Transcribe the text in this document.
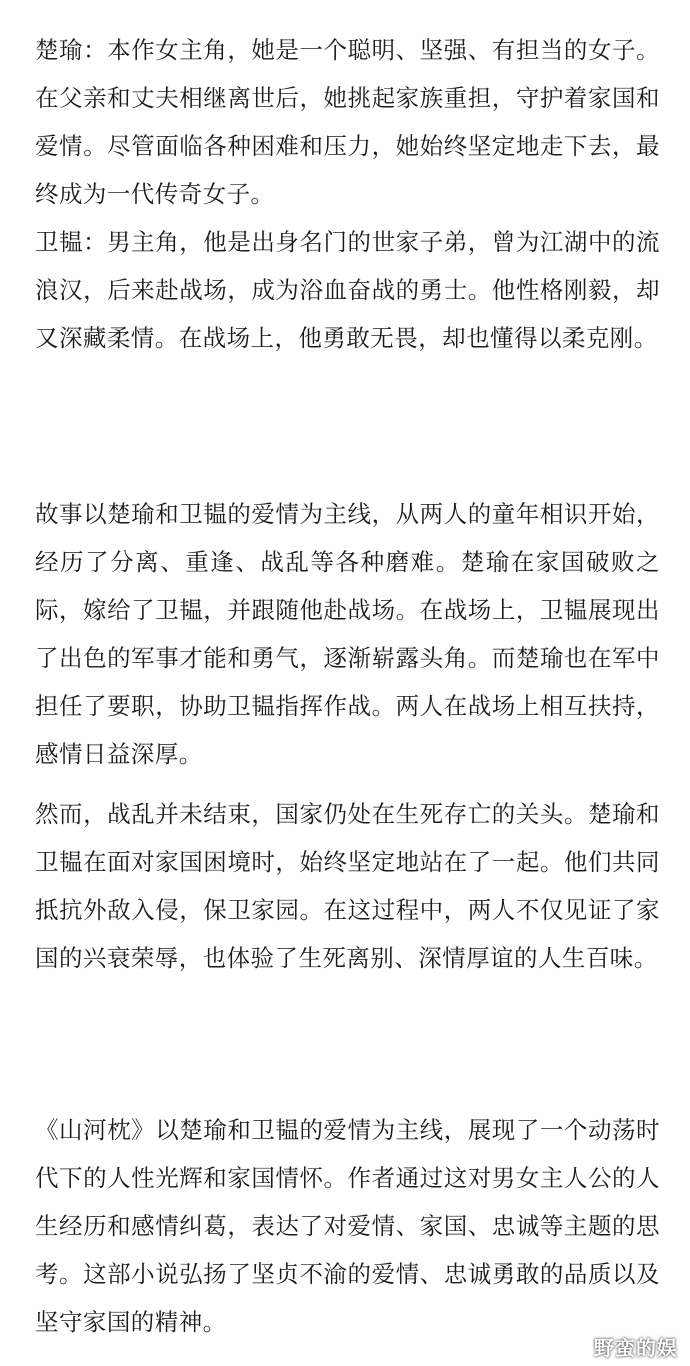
楚瑜：本作女主角，她是一个聪明、坚强、有担当的女子。在父亲和丈夫相继离世后，她挑起家族重担，守护着家国和爱情。尽管面临各种困难和压力，她始终坚定地走下去，最终成为一代传奇女子。

卫韫：男主角，他是出身名门的世家子弟，曾为江湖中的流浪汉，后来赴战场，成为浴血奋战的勇士。他性格刚毅，却又深藏柔情。在战场上，他勇敢无畏，却也懂得以柔克刚。

故事以楚瑜和卫韫的爱情为主线，从两人的童年相识开始，经历了分离、重逢、战乱等各种磨难。楚瑜在家国破败之际，嫁给了卫韫，并跟随他赴战场。在战场上，卫韫展现出了出色的军事才能和勇气，逐渐崭露头角。而楚瑜也在军中担任了要职，协助卫韫指挥作战。两人在战场上相互扶持，感情日益深厚。

然而，战乱并未结束，国家仍处在生死存亡的关头。楚瑜和卫韫在面对家国困境时，始终坚定地站在了一起。他们共同抵抗外敌入侵，保卫家园。在这过程中，两人不仅见证了家国的兴衰荣辱，也体验了生死离别、深情厚谊的人生百味。

《山河枕》以楚瑜和卫韫的爱情为主线，展现了一个动荡时代下的人性光辉和家国情怀。作者通过这对男女主人公的人生经历和感情纠葛，表达了对爱情、家国、忠诚等主题的思考。这部小说弘扬了坚贞不渝的爱情、忠诚勇敢的品质以及坚守家国的精神。

野蛮的娱
